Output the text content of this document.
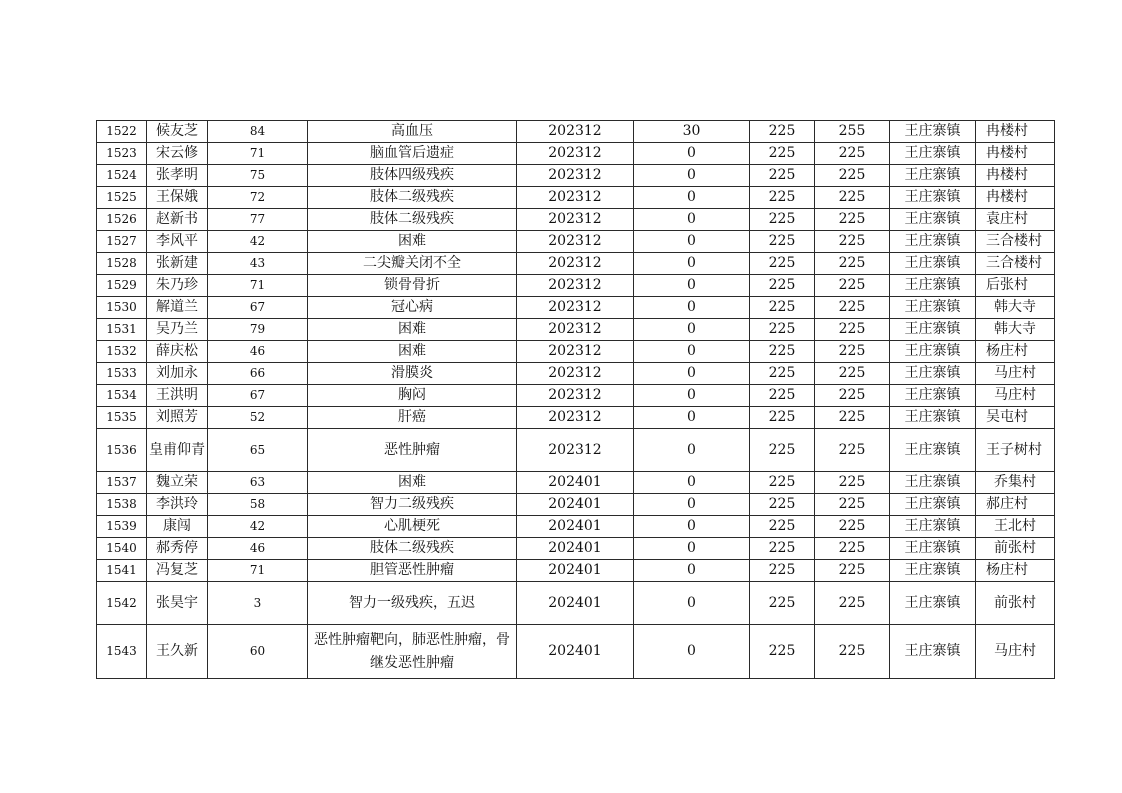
1522	候友芝	84	高血压	202312	30	225	255	王庄寨镇	冉楼村
1523	宋云修	71	脑血管后遗症	202312	0	225	225	王庄寨镇	冉楼村
1524	张孝明	75	肢体四级残疾	202312	0	225	225	王庄寨镇	冉楼村
1525	王保娥	72	肢体二级残疾	202312	0	225	225	王庄寨镇	冉楼村
1526	赵新书	77	肢体二级残疾	202312	0	225	225	王庄寨镇	袁庄村
1527	李风平	42	困难	202312	0	225	225	王庄寨镇	三合楼村
1528	张新建	43	二尖瓣关闭不全	202312	0	225	225	王庄寨镇	三合楼村
1529	朱乃珍	71	锁骨骨折	202312	0	225	225	王庄寨镇	后张村
1530	解道兰	67	冠心病	202312	0	225	225	王庄寨镇	韩大寺
1531	吴乃兰	79	困难	202312	0	225	225	王庄寨镇	韩大寺
1532	薛庆松	46	困难	202312	0	225	225	王庄寨镇	杨庄村
1533	刘加永	66	滑膜炎	202312	0	225	225	王庄寨镇	马庄村
1534	王洪明	67	胸闷	202312	0	225	225	王庄寨镇	马庄村
1535	刘照芳	52	肝癌	202312	0	225	225	王庄寨镇	吴屯村
1536	皇甫仰青	65	恶性肿瘤	202312	0	225	225	王庄寨镇	王子树村
1537	魏立荣	63	困难	202401	0	225	225	王庄寨镇	乔集村
1538	李洪玲	58	智力二级残疾	202401	0	225	225	王庄寨镇	郝庄村
1539	康闯	42	心肌梗死	202401	0	225	225	王庄寨镇	王北村
1540	郝秀停	46	肢体二级残疾	202401	0	225	225	王庄寨镇	前张村
1541	冯复芝	71	胆管恶性肿瘤	202401	0	225	225	王庄寨镇	杨庄村
1542	张昊宇	3	智力一级残疾，五迟	202401	0	225	225	王庄寨镇	前张村
1543	王久新	60	恶性肿瘤靶向，肺恶性肿瘤，骨继发恶性肿瘤	202401	0	225	225	王庄寨镇	马庄村
